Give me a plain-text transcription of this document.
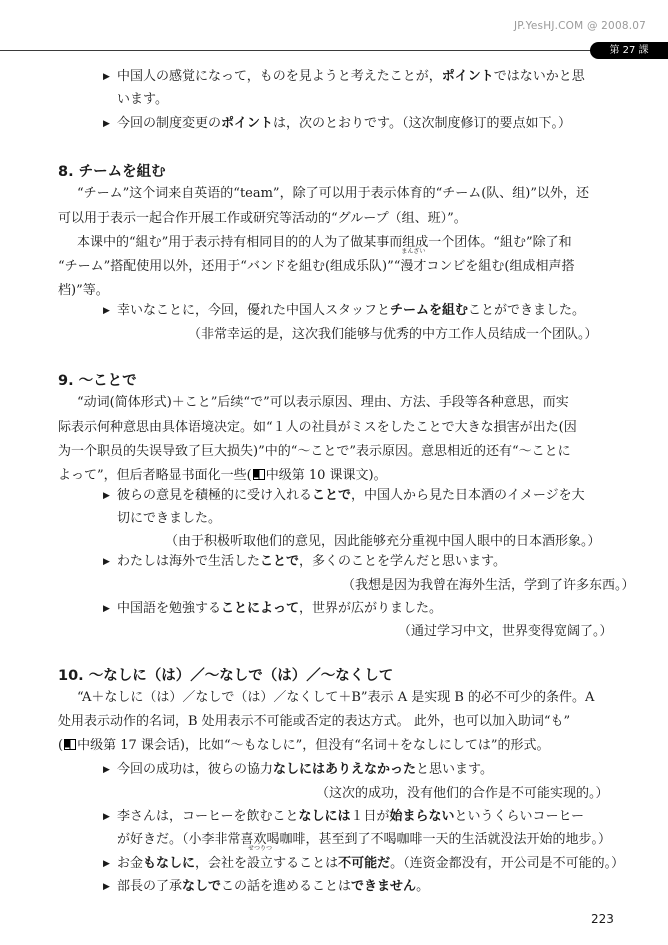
JP.YesHJ.COM @ 2008.07
第 27 課
▶ 中国人の感覚になって，ものを見ようと考えたことが，ポイントではないかと思
います。
▶ 今回の制度変更のポイントは，次のとおりです。（这次制度修订的要点如下。）
8. チームを組む
“チーム”这个词来自英语的“team”，除了可以用于表示体育的“チーム(队、组)”以外，还
可以用于表示一起合作开展工作或研究等活动的“グループ（组、班）”。
本课中的“組む”用于表示持有相同目的的人为了做某事而组成一个团体。“組む”除了和
“チーム”搭配使用以外，还用于“バンドを組む(组成乐队)”“
まんざい
漫才コンビを組む(组成相声搭
档)”等。
▶ 幸いなことに，今回，優れた中国人スタッフとチームを組むことができました。
（非常幸运的是，这次我们能够与优秀的中方工作人员结成一个团队。）
9. ～ことで
“动词(简体形式)＋こと”后续“で”可以表示原因、理由、方法、手段等各种意思，而实
际表示何种意思由具体语境决定。如“１人の社員がミスをしたことで大きな損害が出た(因
为一个职员的失误导致了巨大损失)”中的“～ことで”表示原因。意思相近的还有“～ことに
よって”，但后者略显书面化一些( 中级第 10 课课文)。
▶ 彼らの意見を積極的に受け入れることで，中国人から見た日本酒のイメージを大
切にできました。
（由于积极听取他们的意见，因此能够充分重视中国人眼中的日本酒形象。）
▶ わたしは海外で生活したことで，多くのことを学んだと思います。
（我想是因为我曾在海外生活，学到了许多东西。）
▶ 中国語を勉強することによって，世界が広がりました。
（通过学习中文，世界变得宽阔了。）
10. ～なしに（は）／～なしで（は）／～なくして
“A＋なしに（は）／なしで（は）／なくして＋B”表示 A 是实现 B 的必不可少的条件。A
处用表示动作的名词，B 处用表示不可能或否定的表达方式。 此外，也可以加入助词“も”
( 中级第 17 课会话)，比如“～もなしに”，但没有“名词＋をなしにしては”的形式。
▶ 今回の成功は，彼らの協力なしにはありえなかったと思います。
（这次的成功，没有他们的合作是不可能实现的。）
▶ 李さんは，コーヒーを飲むことなしには１日が始まらないというくらいコーヒー
が好きだ。（小李非常喜欢喝咖啡，甚至到了不喝咖啡一天的生活就没法开始的地步。）
▶ お金もなしに，会社を
せつりつ
設立することは不可能だ。（连资金都没有，开公司是不可能的。）
▶ 部長の了承なしでこの話を進めることはできません。
223
